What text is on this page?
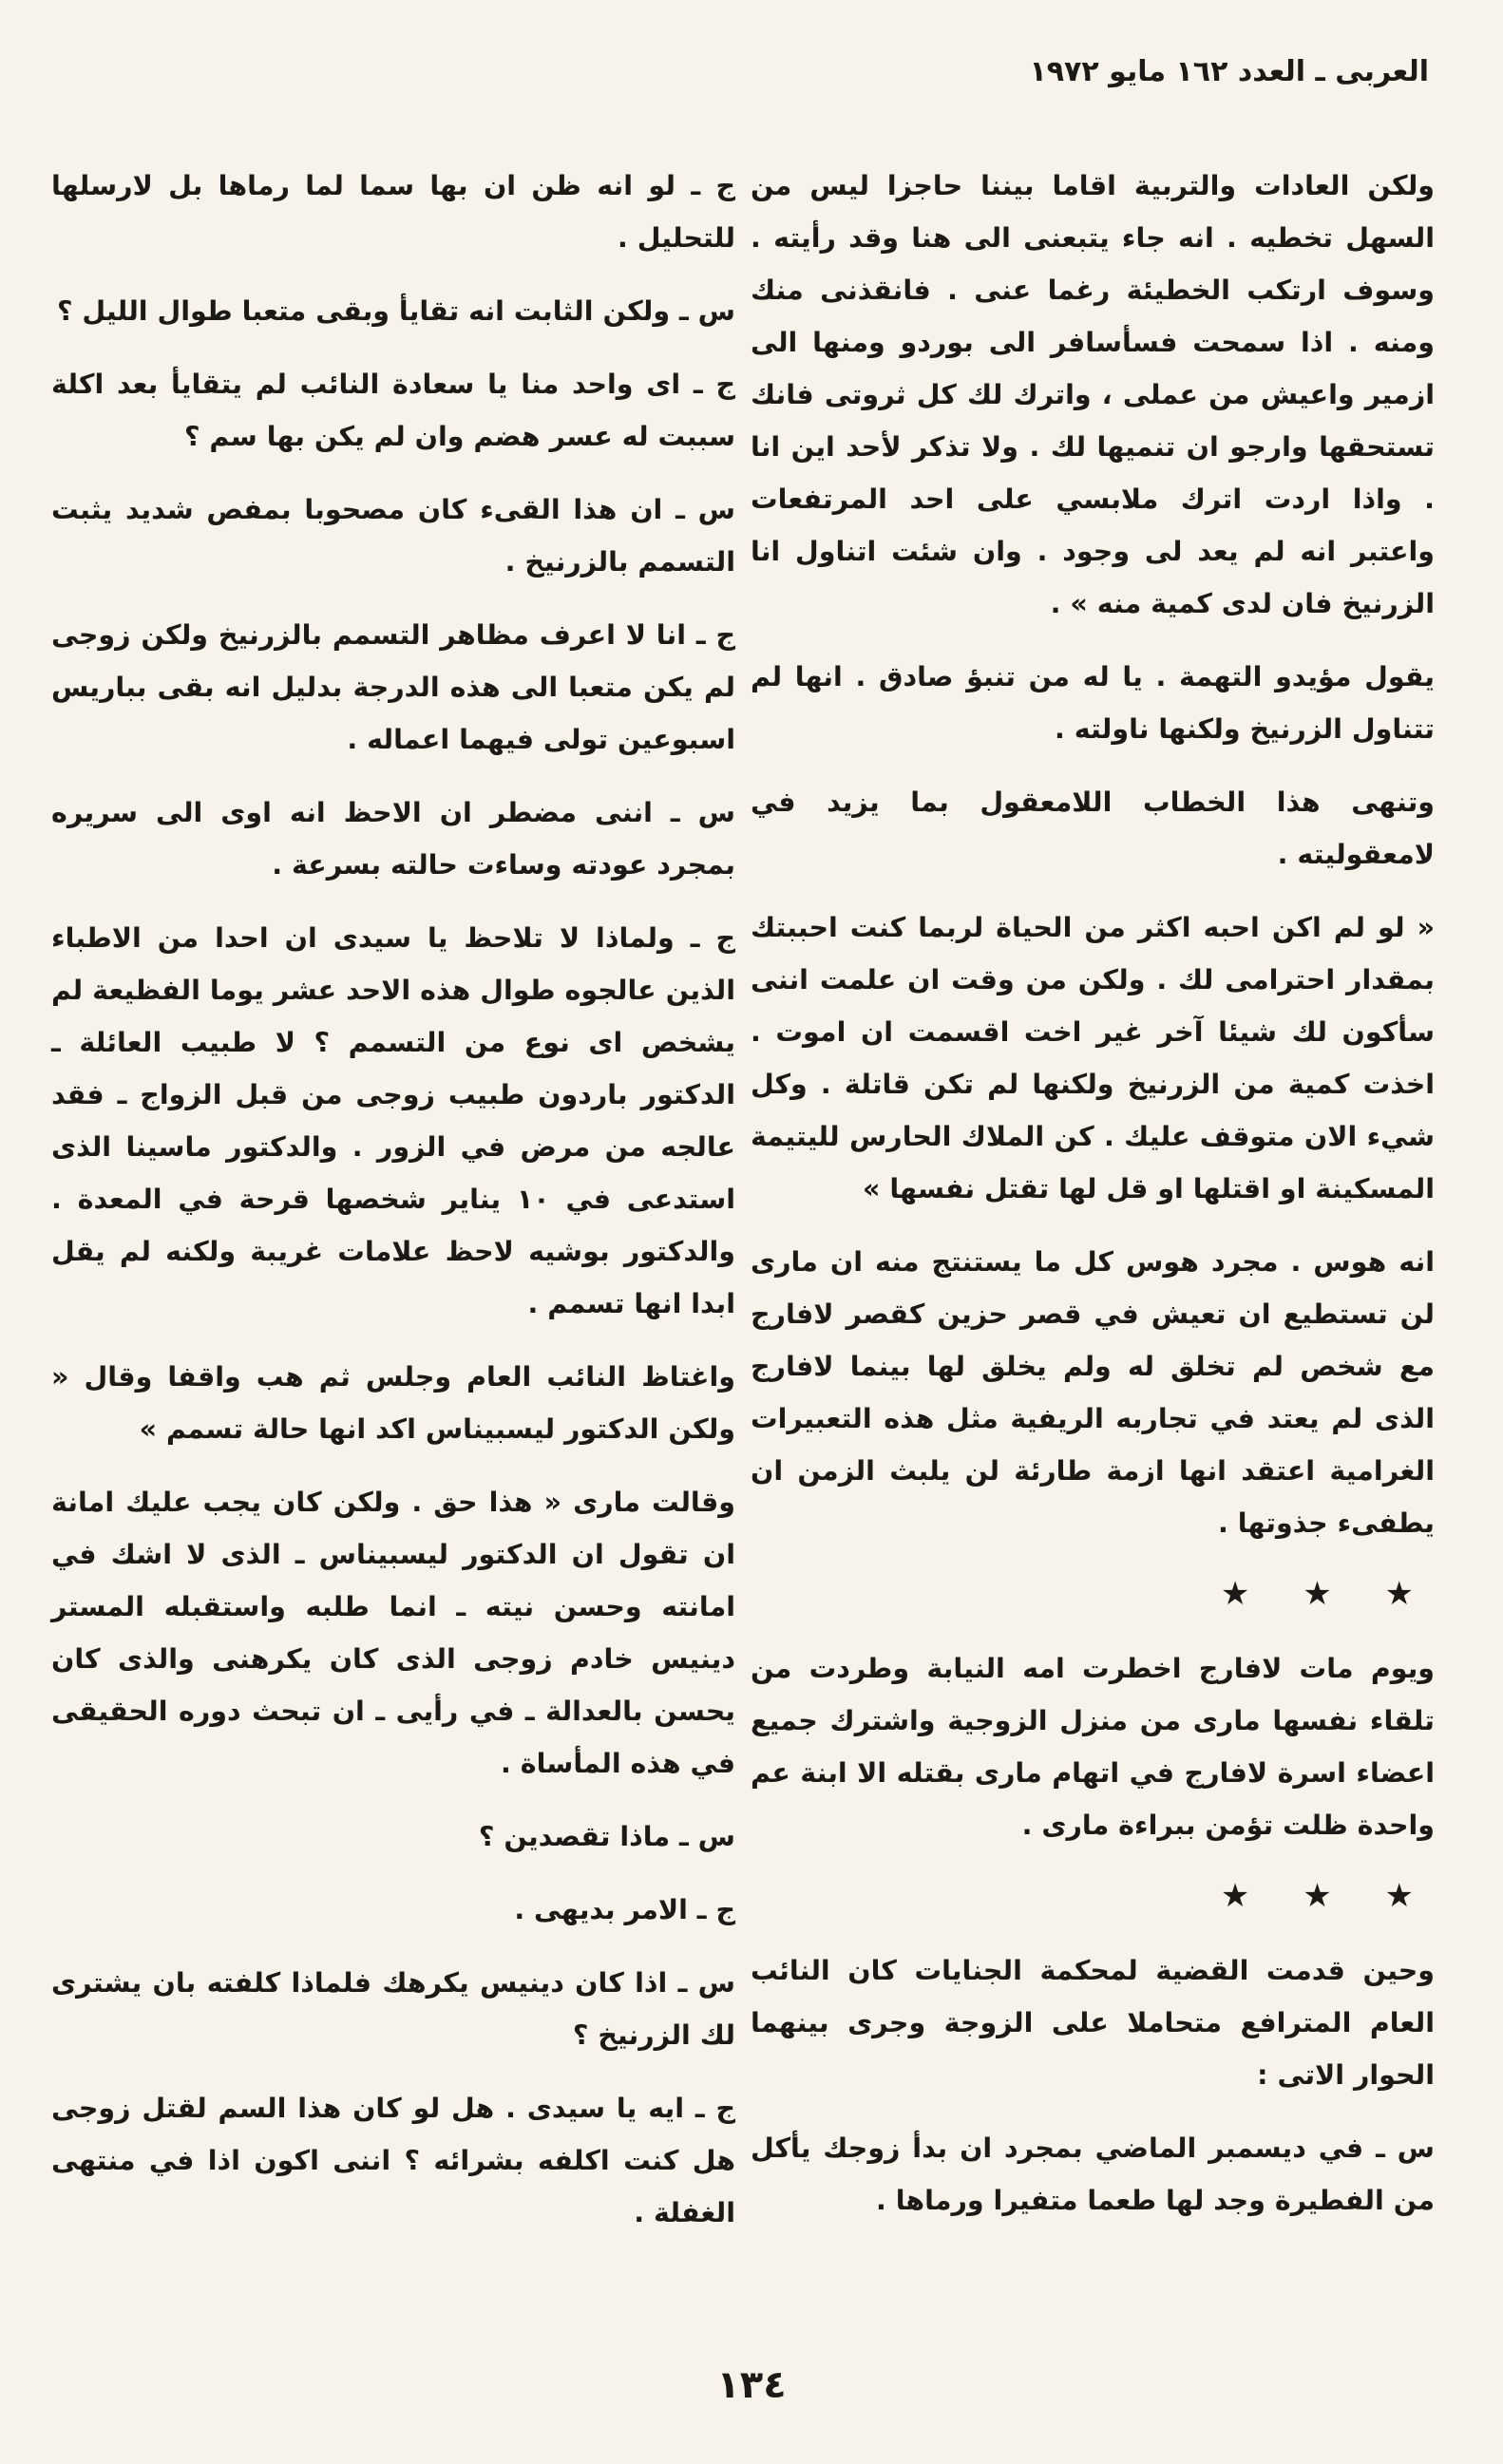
العربى ـ العدد ١٦٢ مايو ١٩٧٢

ولكن العادات والتربية اقاما بيننا حاجزا ليس من السهل تخطيه . انه جاء يتبعنى الى هنا وقد رأيته . وسوف ارتكب الخطيئة رغما عنى . فانقذنى منك ومنه . اذا سمحت فسأسافر الى بوردو ومنها الى ازمير واعيش من عملى ، واترك لك كل ثروتى فانك تستحقها وارجو ان تنميها لك . ولا تذكر لأحد اين انا . واذا اردت اترك ملابسي على احد المرتفعات واعتبر انه لم يعد لى وجود . وان شئت اتناول انا الزرنيخ فان لدى كمية منه » .

يقول مؤيدو التهمة . يا له من تنبؤ صادق . انها لم تتناول الزرنيخ ولكنها ناولته .

وتنهى هذا الخطاب اللامعقول بما يزيد في لامعقوليته .

« لو لم اكن احبه اكثر من الحياة لربما كنت احببتك بمقدار احترامى لك . ولكن من وقت ان علمت اننى سأكون لك شيئا آخر غير اخت اقسمت ان اموت . اخذت كمية من الزرنيخ ولكنها لم تكن قاتلة . وكل شيء الان متوقف عليك . كن الملاك الحارس لليتيمة المسكينة او اقتلها او قل لها تقتل نفسها »

انه هوس . مجرد هوس كل ما يستنتج منه ان مارى لن تستطيع ان تعيش في قصر حزين كقصر لافارج مع شخص لم تخلق له ولم يخلق لها بينما لافارج الذى لم يعتد في تجاربه الريفية مثل هذه التعبيرات الغرامية اعتقد انها ازمة طارئة لن يلبث الزمن ان يطفىء جذوتها .

★ ★ ★

ويوم مات لافارج اخطرت امه النيابة وطردت من تلقاء نفسها مارى من منزل الزوجية واشترك جميع اعضاء اسرة لافارج في اتهام مارى بقتله الا ابنة عم واحدة ظلت تؤمن ببراءة مارى .

★ ★ ★

وحين قدمت القضية لمحكمة الجنايات كان النائب العام المترافع متحاملا على الزوجة وجرى بينهما الحوار الاتى :

س ـ في ديسمبر الماضي بمجرد ان بدأ زوجك يأكل من الفطيرة وجد لها طعما متفيرا ورماها .

ج ـ لو انه ظن ان بها سما لما رماها بل لارسلها للتحليل .

س ـ ولكن الثابت انه تقايأ وبقى متعبا طوال الليل ؟

ج ـ اى واحد منا يا سعادة النائب لم يتقايأ بعد اكلة سببت له عسر هضم وان لم يكن بها سم ؟

س ـ ان هذا القىء كان مصحوبا بمفص شديد يثبت التسمم بالزرنيخ .

ج ـ انا لا اعرف مظاهر التسمم بالزرنيخ ولكن زوجى لم يكن متعبا الى هذه الدرجة بدليل انه بقى بباريس اسبوعين تولى فيهما اعماله .

س ـ اننى مضطر ان الاحظ انه اوى الى سريره بمجرد عودته وساءت حالته بسرعة .

ج ـ ولماذا لا تلاحظ يا سيدى ان احدا من الاطباء الذين عالجوه طوال هذه الاحد عشر يوما الفظيعة لم يشخص اى نوع من التسمم ؟ لا طبيب العائلة ـ الدكتور باردون طبيب زوجى من قبل الزواج ـ فقد عالجه من مرض في الزور . والدكتور ماسينا الذى استدعى في ١٠ يناير شخصها قرحة في المعدة . والدكتور بوشيه لاحظ علامات غريبة ولكنه لم يقل ابدا انها تسمم .

واغتاظ النائب العام وجلس ثم هب واقفا وقال « ولكن الدكتور ليسبيناس اكد انها حالة تسمم »

وقالت مارى « هذا حق . ولكن كان يجب عليك امانة ان تقول ان الدكتور ليسبيناس ـ الذى لا اشك في امانته وحسن نيته ـ انما طلبه واستقبله المستر دينيس خادم زوجى الذى كان يكرهنى والذى كان يحسن بالعدالة ـ في رأيى ـ ان تبحث دوره الحقيقى في هذه المأساة .

س ـ ماذا تقصدين ؟

ج ـ الامر بديهى .

س ـ اذا كان دينيس يكرهك فلماذا كلفته بان يشترى لك الزرنيخ ؟

ج ـ ايه يا سيدى . هل لو كان هذا السم لقتل زوجى هل كنت اكلفه بشرائه ؟ اننى اكون اذا في منتهى الغفلة .

١٣٤
